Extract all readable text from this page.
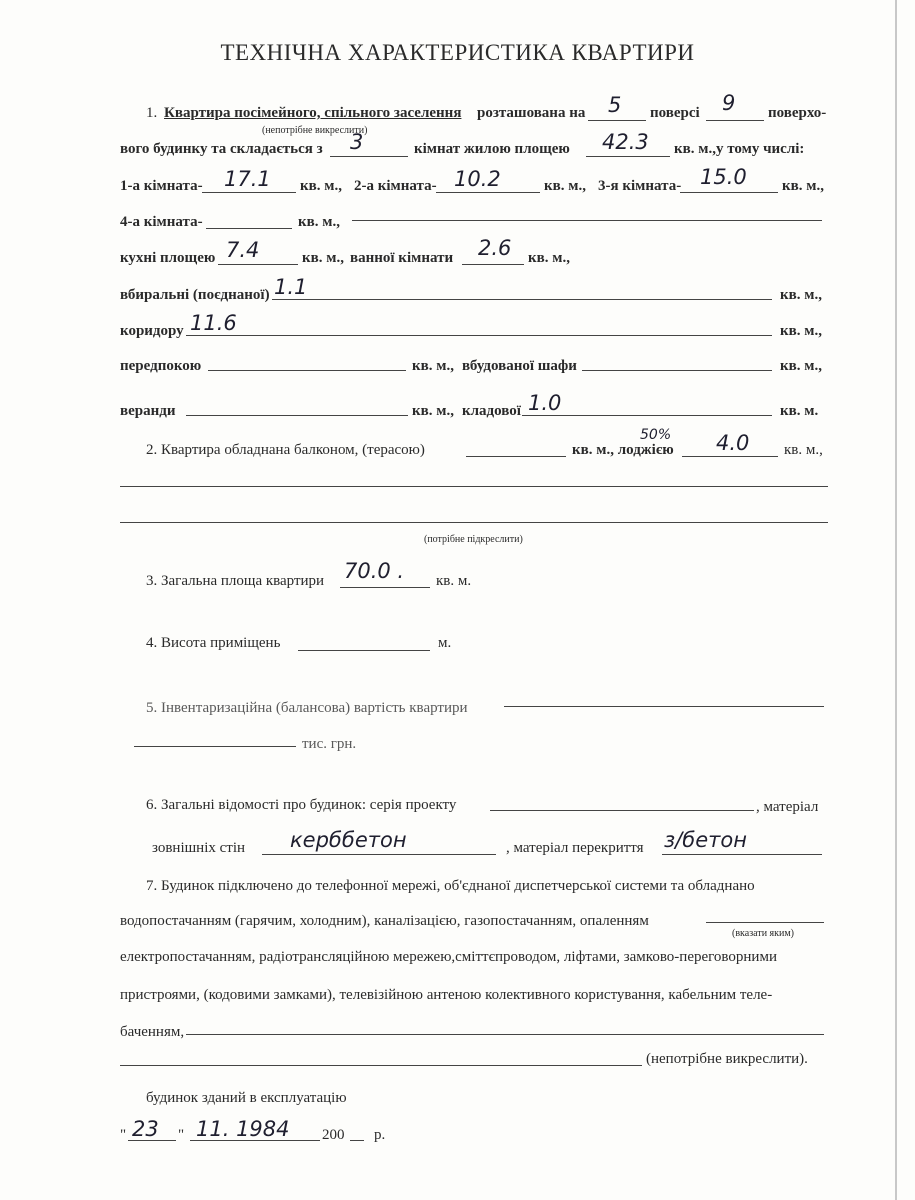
ТЕХНІЧНА ХАРАКТЕРИСТИКА КВАРТИРИ
1. Квартира посімейного, спільного заселення розташована на 5 поверсі 9 поверхо-
(непотрібне викреслити)
вого будинку та складається з 3	кімнат жилою площею 42.3 кв. м.,у тому числі:
1-а кімната- 17.1 кв. м., 2-а кімната- 10.2	кв. м., 3-я кімната- 15.0 кв. м.,
4-а кімната-	кв. м.,
кухні площею 7.4	кв. м., ванної кімнати 2.6 кв. м.,
вбиральні (поєднаної) 1.1	кв. м.,
коридору 11.6	кв. м.,
передпокою	кв. м., вбудованої шафи	кв. м.,
веранди	кв. м., кладової 1.0	кв. м.
2. Квартира обладнана балконом, (терасою)	кв. м., лоджією
50% 4.0 кв. м.,
(потрібне підкреслити)
3. Загальна площа квартири 70.0 . кв. м.
4. Висота приміщень	м.
5. Інвентаризаційна (балансова) вартість квартири
тис. грн.
6. Загальні відомості про будинок: серія проекту	, матеріал
зовнішніх стін керббетон	, матеріал перекриття з/бетон
7. Будинок підключено до телефонної мережі, об'єднаної диспетчерської системи та обладнано
водопостачанням (гарячим, холодним), каналізацією, газопостачанням, опаленням
(вказати яким)
електропостачанням, радіотрансляційною мережею,сміттєпроводом, ліфтами, замково-переговорними
пристроями, (кодовими замками), телевізійною антеною колективного користування, кабельним теле-
баченням,
(непотрібне викреслити).
будинок зданий в експлуатацію
" 23 " 11. 1984 200 р.
